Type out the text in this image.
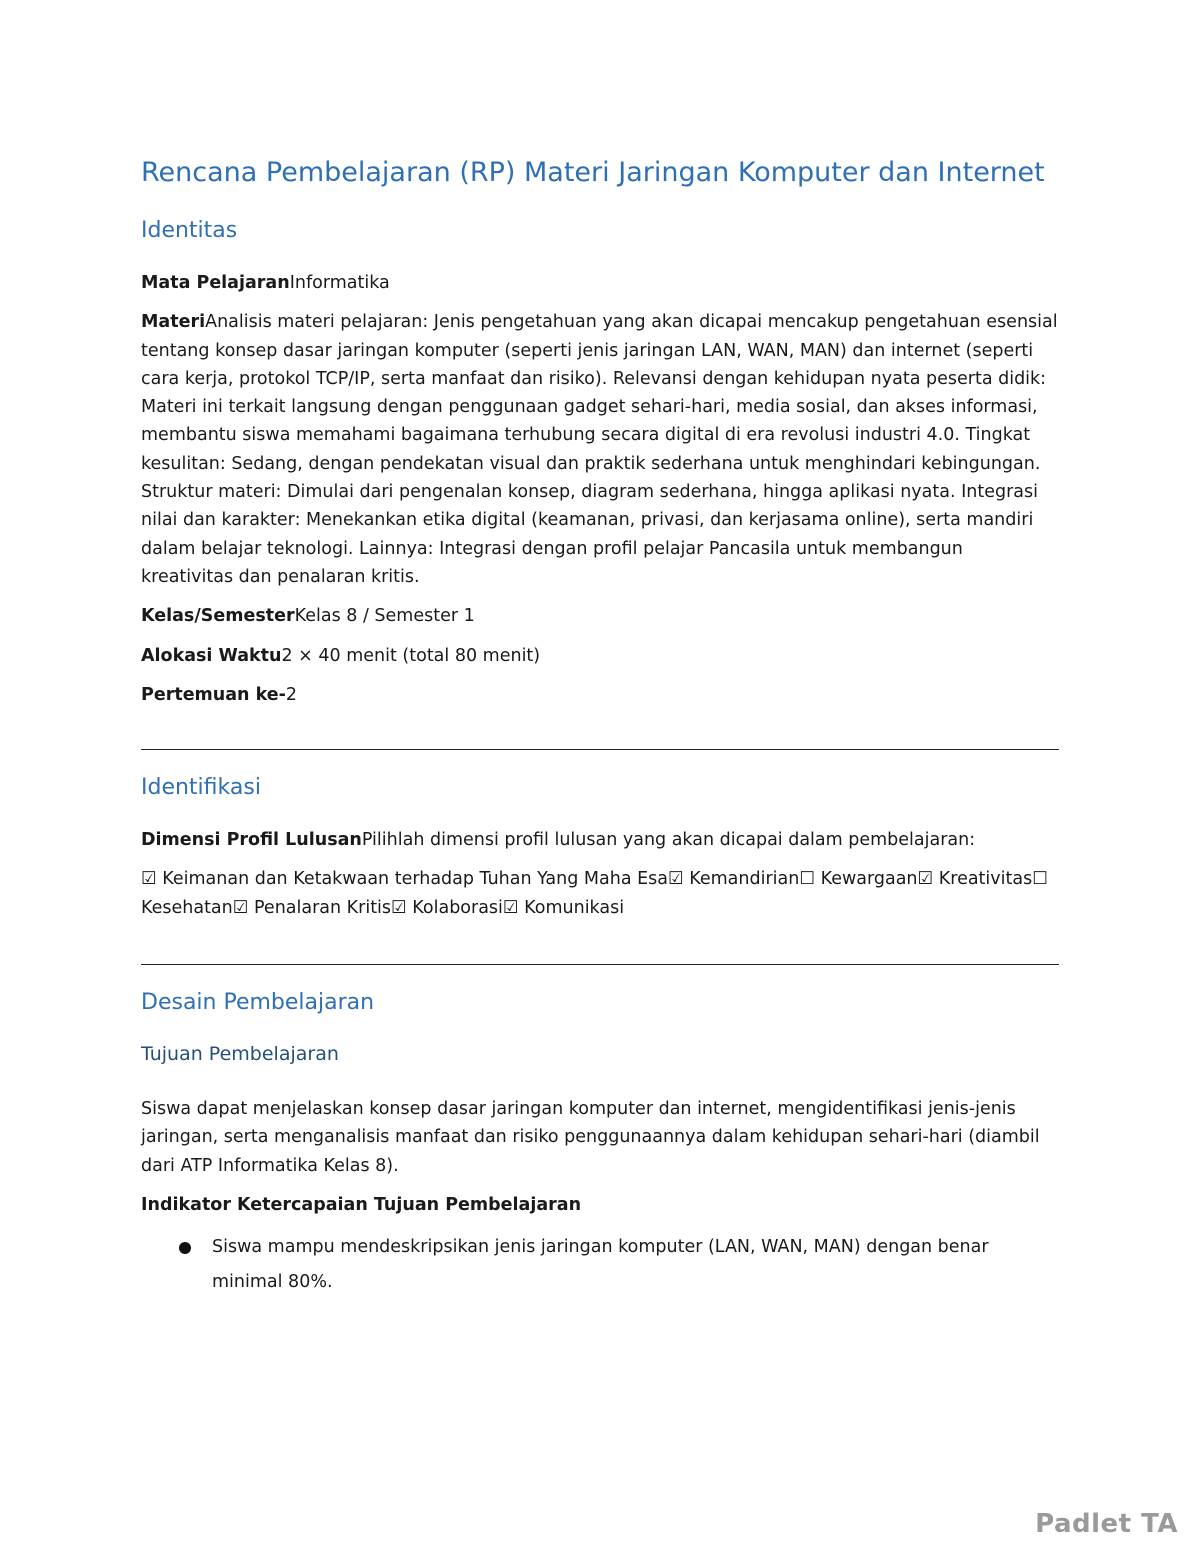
Rencana Pembelajaran (RP) Materi Jaringan Komputer dan Internet
Identitas

Mata PelajaranInformatika

MateriAnalisis materi pelajaran: Jenis pengetahuan yang akan dicapai mencakup pengetahuan esensial tentang konsep dasar jaringan komputer (seperti jenis jaringan LAN, WAN, MAN) dan internet (seperti cara kerja, protokol TCP/IP, serta manfaat dan risiko). Relevansi dengan kehidupan nyata peserta didik: Materi ini terkait langsung dengan penggunaan gadget sehari-hari, media sosial, dan akses informasi, membantu siswa memahami bagaimana terhubung secara digital di era revolusi industri 4.0. Tingkat kesulitan: Sedang, dengan pendekatan visual dan praktik sederhana untuk menghindari kebingungan. Struktur materi: Dimulai dari pengenalan konsep, diagram sederhana, hingga aplikasi nyata. Integrasi nilai dan karakter: Menekankan etika digital (keamanan, privasi, dan kerjasama online), serta mandiri dalam belajar teknologi. Lainnya: Integrasi dengan profil pelajar Pancasila untuk membangun kreativitas dan penalaran kritis.

Kelas/SemesterKelas 8 / Semester 1

Alokasi Waktu2 × 40 menit (total 80 menit)

Pertemuan ke-2

Identifikasi

Dimensi Profil LulusanPilihlah dimensi profil lulusan yang akan dicapai dalam pembelajaran:

☑ Keimanan dan Ketakwaan terhadap Tuhan Yang Maha Esa☑ Kemandirian☐ Kewargaan☑ Kreativitas☐ Kesehatan☑ Penalaran Kritis☑ Kolaborasi☑ Komunikasi

Desain Pembelajaran
Tujuan Pembelajaran

Siswa dapat menjelaskan konsep dasar jaringan komputer dan internet, mengidentifikasi jenis-jenis jaringan, serta menganalisis manfaat dan risiko penggunaannya dalam kehidupan sehari-hari (diambil dari ATP Informatika Kelas 8).

Indikator Ketercapaian Tujuan Pembelajaran

Siswa mampu mendeskripsikan jenis jaringan komputer (LAN, WAN, MAN) dengan benar minimal 80%.
Padlet TA
